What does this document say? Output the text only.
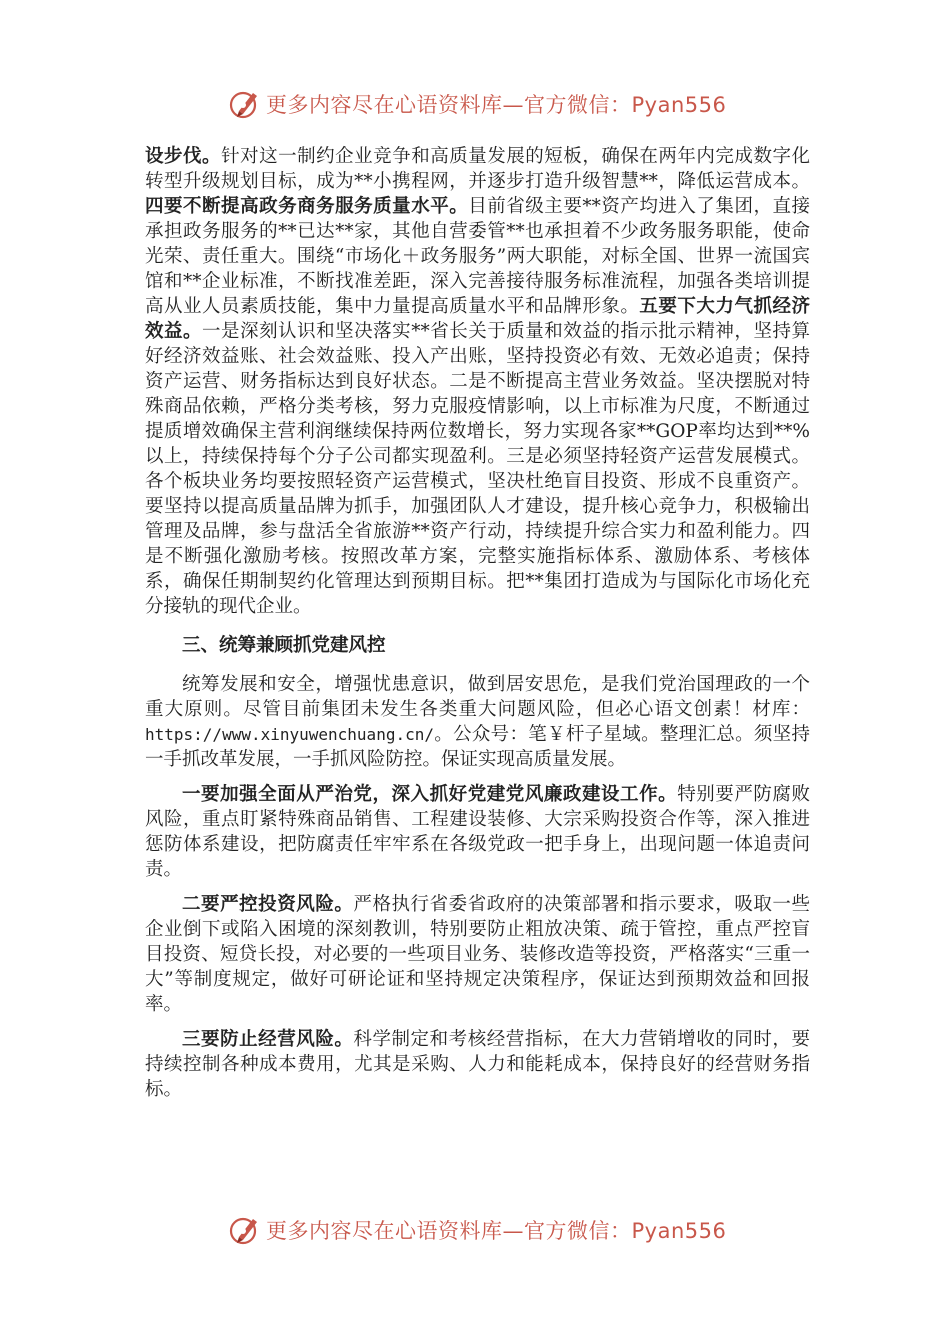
更多内容尽在心语资料库—官方微信：Pyan556

设步伐。针对这一制约企业竞争和高质量发展的短板，确保在两年内完成数字化转型升级规划目标，成为**小携程网，并逐步打造升级智慧**，降低运营成本。四要不断提高政务商务服务质量水平。目前省级主要**资产均进入了集团，直接承担政务服务的**已达**家，其他自营委管**也承担着不少政务服务职能，使命光荣、责任重大。围绕“市场化＋政务服务”两大职能，对标全国、世界一流国宾馆和**企业标准，不断找准差距，深入完善接待服务标准流程，加强各类培训提高从业人员素质技能，集中力量提高质量水平和品牌形象。五要下大力气抓经济效益。一是深刻认识和坚决落实**省长关于质量和效益的指示批示精神，坚持算好经济效益账、社会效益账、投入产出账，坚持投资必有效、无效必追责；保持资产运营、财务指标达到良好状态。二是不断提高主营业务效益。坚决摆脱对特殊商品依赖，严格分类考核，努力克服疫情影响，以上市标准为尺度，不断通过提质增效确保主营利润继续保持两位数增长，努力实现各家**GOP率均达到**%以上，持续保持每个分子公司都实现盈利。三是必须坚持轻资产运营发展模式。各个板块业务均要按照轻资产运营模式，坚决杜绝盲目投资、形成不良重资产。要坚持以提高质量品牌为抓手，加强团队人才建设，提升核心竞争力，积极输出管理及品牌，参与盘活全省旅游**资产行动，持续提升综合实力和盈利能力。四是不断强化激励考核。按照改革方案，完整实施指标体系、激励体系、考核体系，确保任期制契约化管理达到预期目标。把**集团打造成为与国际化市场化充分接轨的现代企业。

三、统筹兼顾抓党建风控

统筹发展和安全，增强忧患意识，做到居安思危，是我们党治国理政的一个重大原则。尽管目前集团未发生各类重大问题风险，但必心语文创素！材库：https://www.xinyuwenchuang.cn/。公众号：笔￥杆子星域。整理汇总。须坚持一手抓改革发展，一手抓风险防控。保证实现高质量发展。

一要加强全面从严治党，深入抓好党建党风廉政建设工作。特别要严防腐败风险，重点盯紧特殊商品销售、工程建设装修、大宗采购投资合作等，深入推进惩防体系建设，把防腐责任牢牢系在各级党政一把手身上，出现问题一体追责问责。

二要严控投资风险。严格执行省委省政府的决策部署和指示要求，吸取一些企业倒下或陷入困境的深刻教训，特别要防止粗放决策、疏于管控，重点严控盲目投资、短贷长投，对必要的一些项目业务、装修改造等投资，严格落实“三重一大”等制度规定，做好可研论证和坚持规定决策程序，保证达到预期效益和回报率。

三要防止经营风险。科学制定和考核经营指标，在大力营销增收的同时，要持续控制各种成本费用，尤其是采购、人力和能耗成本，保持良好的经营财务指标。

更多内容尽在心语资料库—官方微信：Pyan556
